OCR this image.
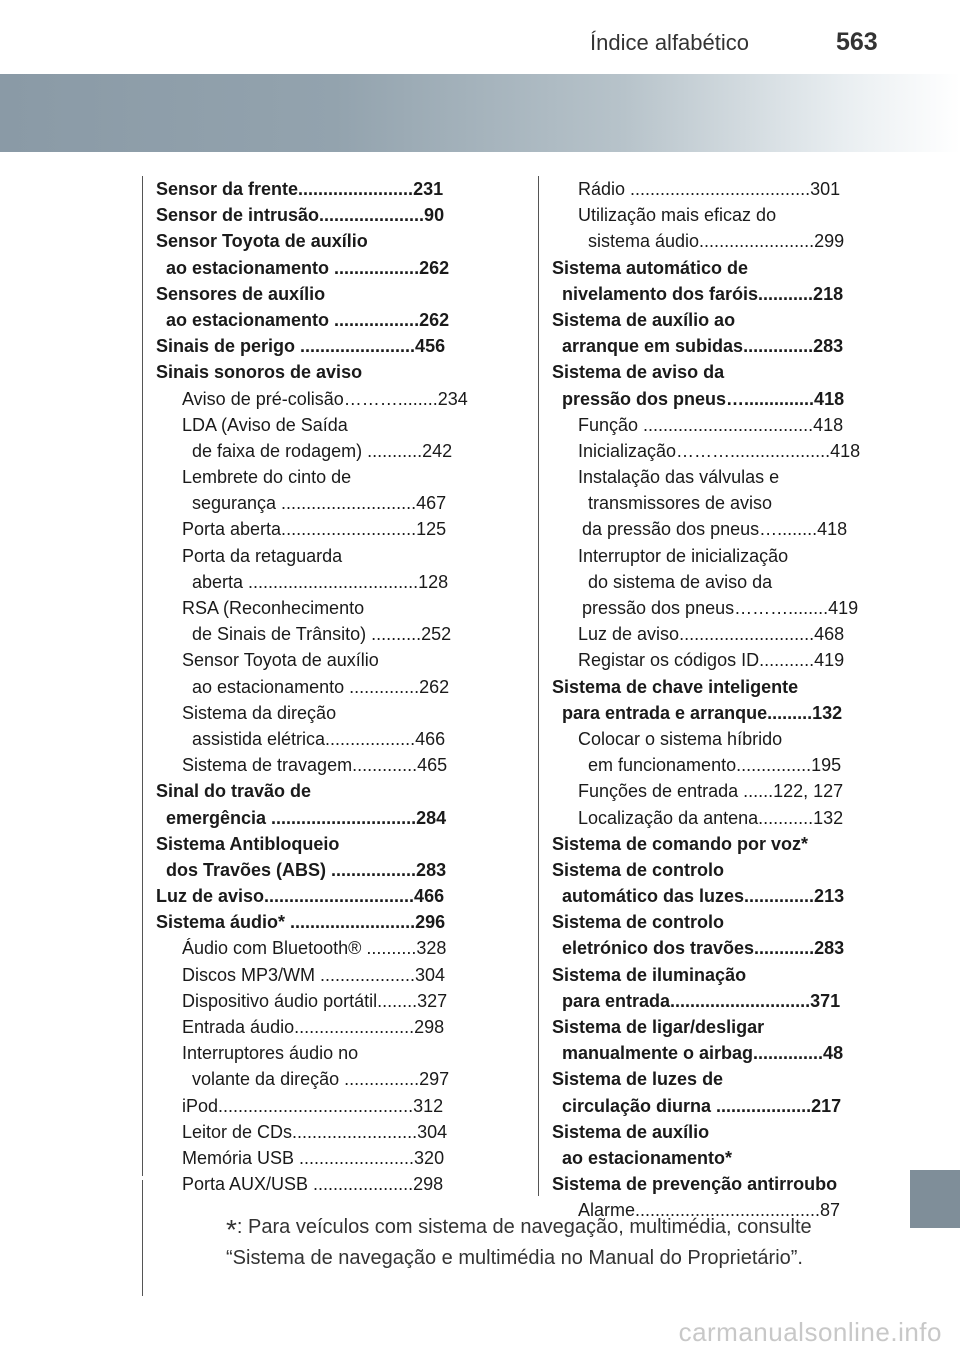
Índice alfabético	563
Sensor da frente.......................231
Sensor de intrusão.....................90
Sensor Toyota de auxílio
ao estacionamento .................262
Sensores de auxílio
ao estacionamento .................262
Sinais de perigo .......................456
Sinais sonoros de aviso
Aviso de pré-colisão………........234
LDA (Aviso de Saída
de faixa de rodagem) ...........242
Lembrete do cinto de
segurança ...........................467
Porta aberta...........................125
Porta da retaguarda
aberta ..................................128
RSA (Reconhecimento
de Sinais de Trânsito) ..........252
Sensor Toyota de auxílio
ao estacionamento ..............262
Sistema da direção
assistida elétrica..................466
Sistema de travagem.............465
Sinal do travão de
emergência .............................284
Sistema Antibloqueio
dos Travões (ABS) .................283
Luz de aviso..............................466
Sistema áudio* .........................296
Áudio com Bluetooth® ..........328
Discos MP3/WM ...................304
Dispositivo áudio portátil........327
Entrada áudio........................298
Interruptores áudio no
volante da direção ...............297
iPod.......................................312
Leitor de CDs.........................304
Memória USB .......................320
Porta AUX/USB ....................298
Rádio ....................................301
Utilização mais eficaz do
sistema áudio.......................299
Sistema automático de
nivelamento dos faróis...........218
Sistema de auxílio ao
arranque em subidas..............283
Sistema de aviso da
pressão dos pneus…..............418
Função ..................................418
Inicialização………....................418
Instalação das válvulas e
transmissores de aviso
da pressão dos pneus…........418
Interruptor de inicialização
do sistema de aviso da
pressão dos pneus………........419
Luz de aviso...........................468
Registar os códigos ID...........419
Sistema de chave inteligente
para entrada e arranque.........132
Colocar o sistema híbrido
em funcionamento...............195
Funções de entrada ......122, 127
Localização da antena...........132
Sistema de comando por voz*
Sistema de controlo
automático das luzes..............213
Sistema de controlo
eletrónico dos travões............283
Sistema de iluminação
para entrada............................371
Sistema de ligar/desligar
manualmente o airbag..............48
Sistema de luzes de
circulação diurna ...................217
Sistema de auxílio
ao estacionamento*
Sistema de prevenção antirroubo
Alarme.....................................87
*: Para veículos com sistema de navegação, multimédia, consulte
“Sistema de navegação e multimédia no Manual do Proprietário”.
carmanualsonline.info
